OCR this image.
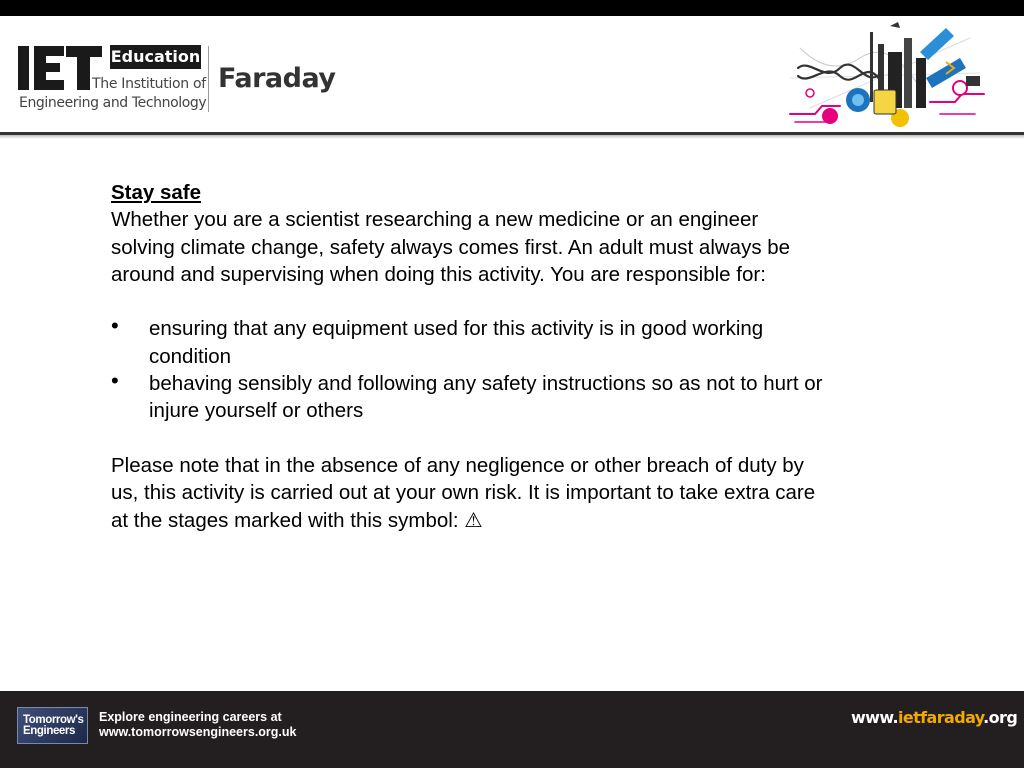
IET
Education
The Institution of
Engineering and Technology
Faraday

Stay safe

Whether you are a scientist researching a new medicine or an engineer

solving climate change, safety always comes first. An adult must always be

around and supervising when doing this activity. You are responsible for:

• ensuring that any equipment used for this activity is in good working
condition
• behaving sensibly and following any safety instructions so as not to hurt or
injure yourself or others

Please note that in the absence of any negligence or other breach of duty by

us, this activity is carried out at your own risk. It is important to take extra care

at the stages marked with this symbol: ⚠

Tomorrow's
Engineers
Explore engineering careers at
www.tomorrowsengineers.org.uk
www.ietfaraday.org
